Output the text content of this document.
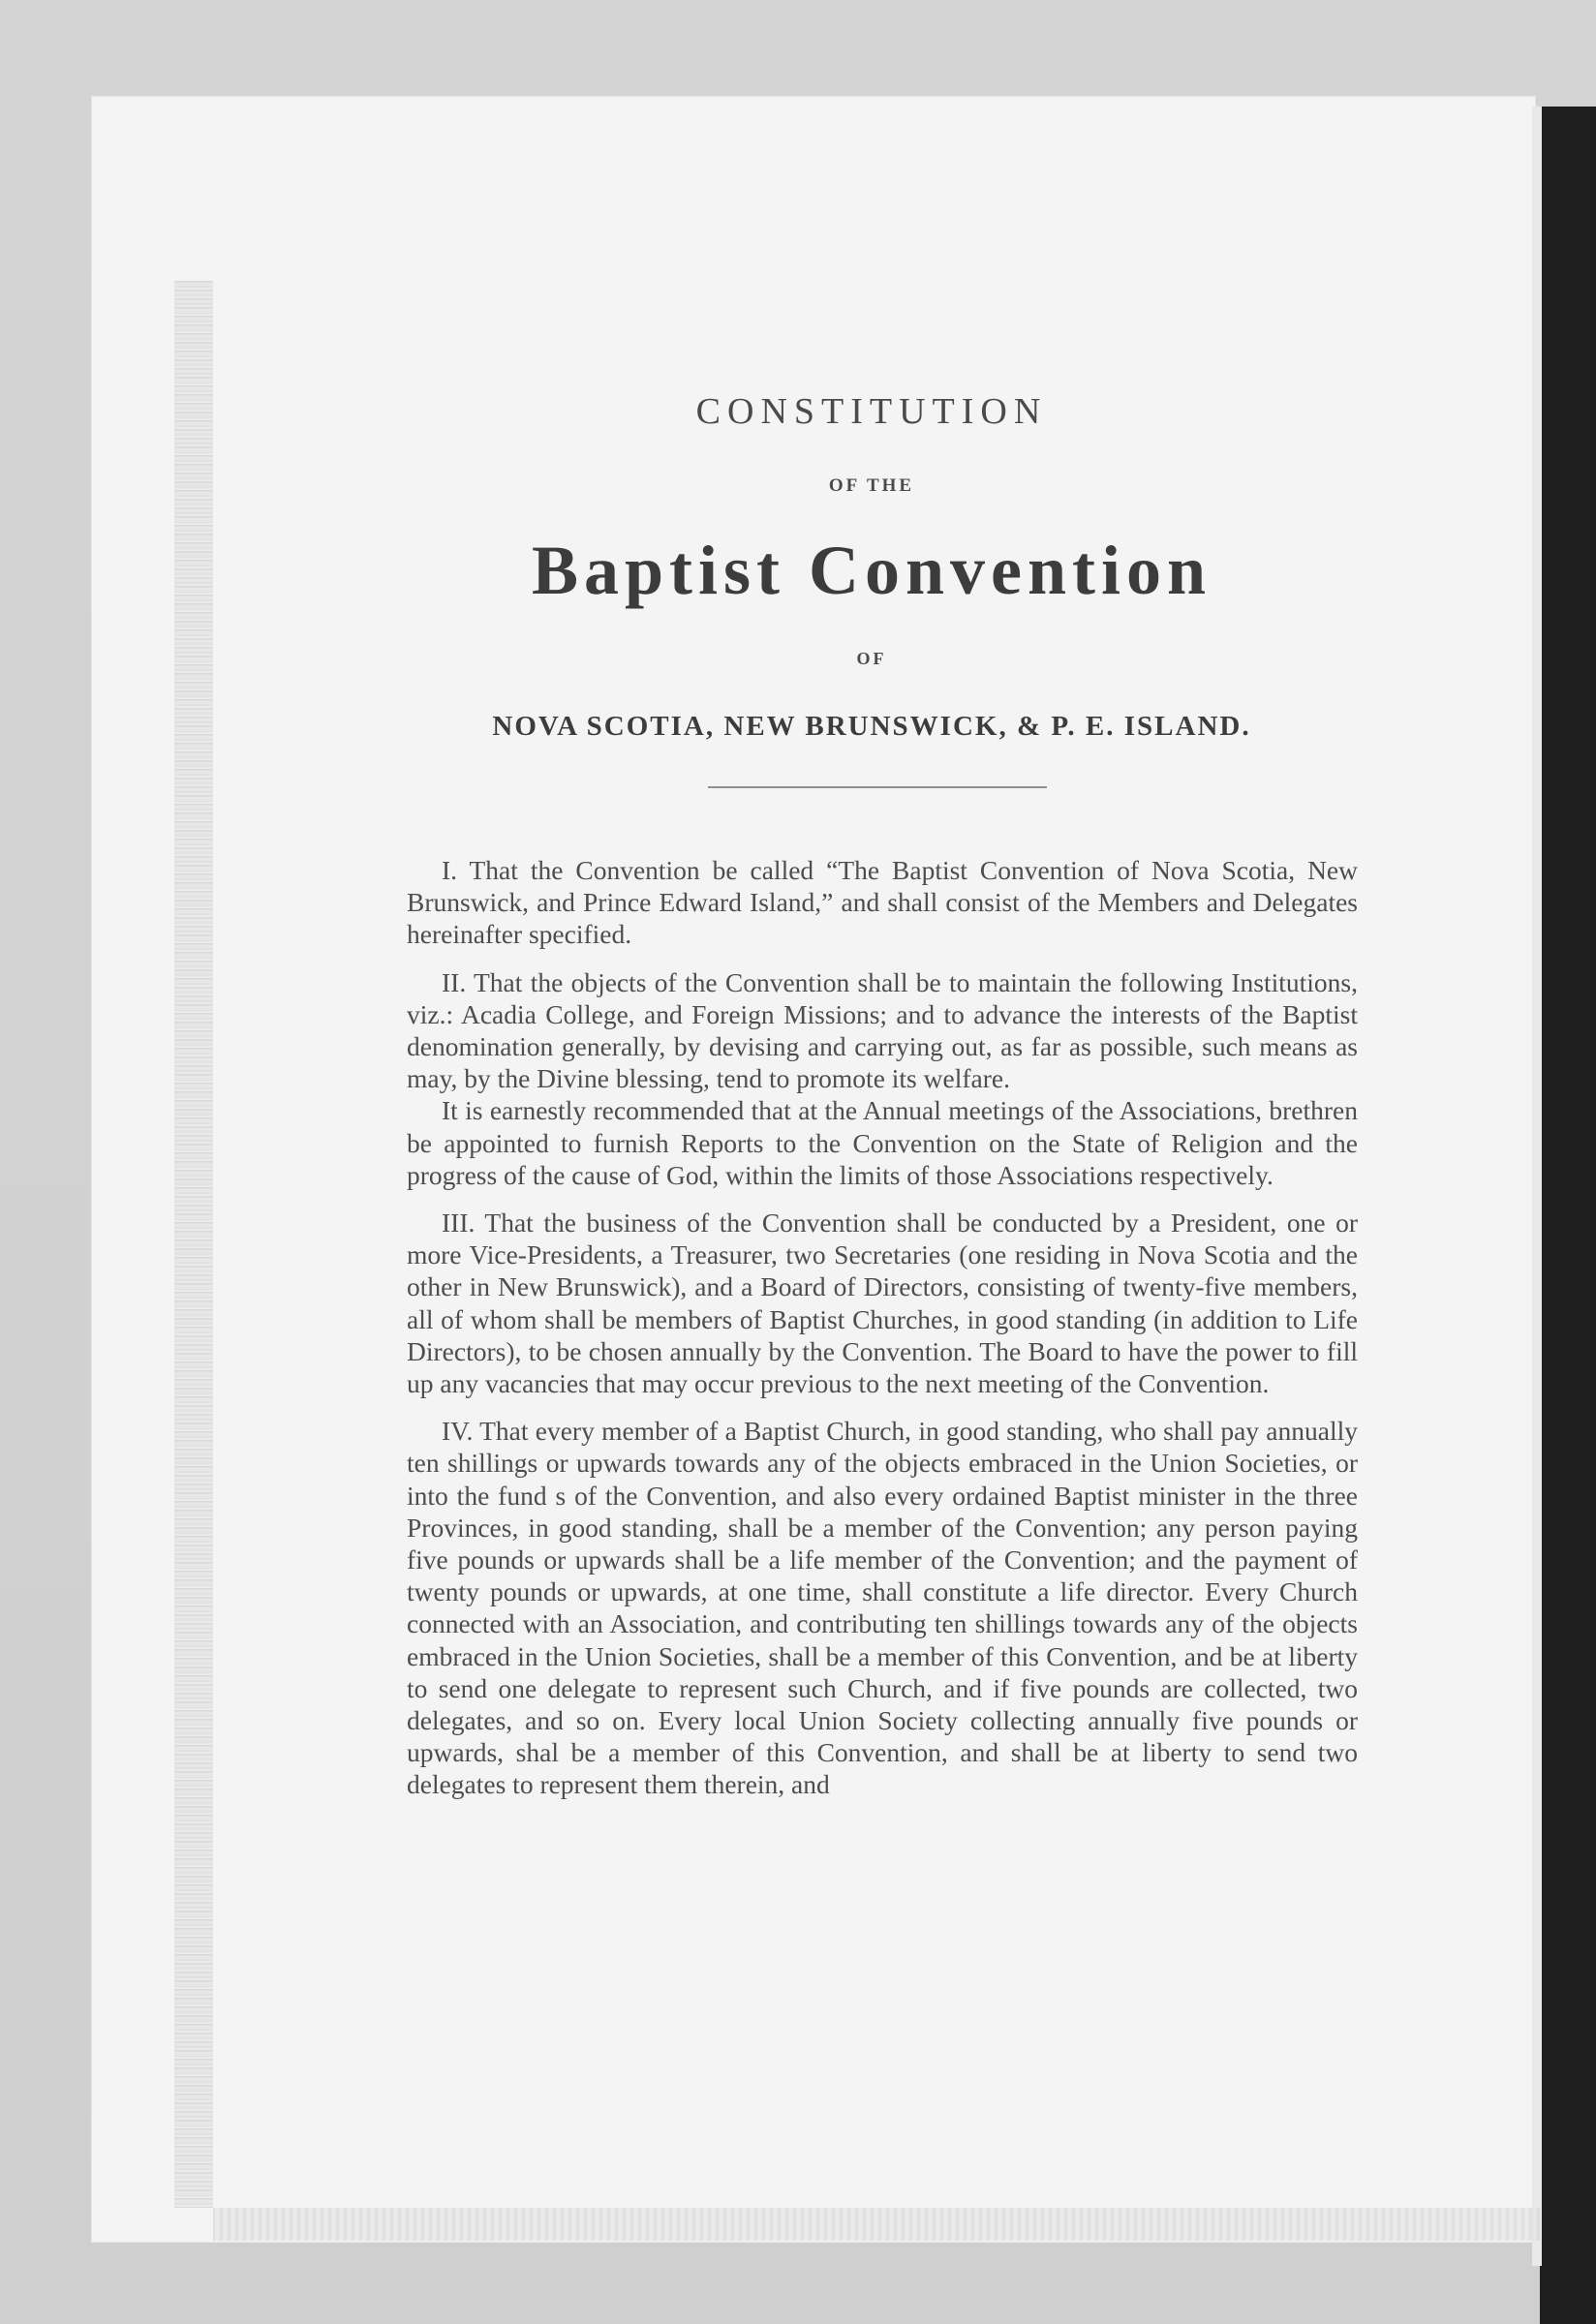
CONSTITUTION
OF THE
Baptist Convention
OF
NOVA SCOTIA, NEW BRUNSWICK, & P. E. ISLAND.

I. That the Convention be called “The Baptist Convention of Nova Scotia, New Brunswick, and Prince Edward Island,” and shall consist of the Members and Delegates hereinafter specified.

II. That the objects of the Convention shall be to maintain the following Institutions, viz.: Acadia College, and Foreign Missions; and to advance the interests of the Baptist denomination generally, by devising and carrying out, as far as possible, such means as may, by the Divine blessing, tend to promote its welfare.

It is earnestly recommended that at the Annual meetings of the Associations, brethren be appointed to furnish Reports to the Convention on the State of Religion and the progress of the cause of God, within the limits of those Associations respectively.

III. That the business of the Convention shall be conducted by a President, one or more Vice-Presidents, a Treasurer, two Secretaries (one residing in Nova Scotia and the other in New Brunswick), and a Board of Directors, consisting of twenty-five members, all of whom shall be members of Baptist Churches, in good standing (in addition to Life Directors), to be chosen annually by the Convention. The Board to have the power to fill up any vacancies that may occur previous to the next meeting of the Convention.

IV. That every member of a Baptist Church, in good standing, who shall pay annually ten shillings or upwards towards any of the objects embraced in the Union Societies, or into the fund s of the Convention, and also every ordained Baptist minister in the three Provinces, in good standing, shall be a member of the Convention; any person paying five pounds or upwards shall be a life member of the Convention; and the payment of twenty pounds or upwards, at one time, shall constitute a life director. Every Church connected with an Association, and contributing ten shillings towards any of the objects embraced in the Union Societies, shall be a member of this Convention, and be at liberty to send one delegate to represent such Church, and if five pounds are collected, two delegates, and so on. Every local Union Society collecting annually five pounds or upwards, shal be a member of this Convention, and shall be at liberty to send two delegates to represent them therein, and
